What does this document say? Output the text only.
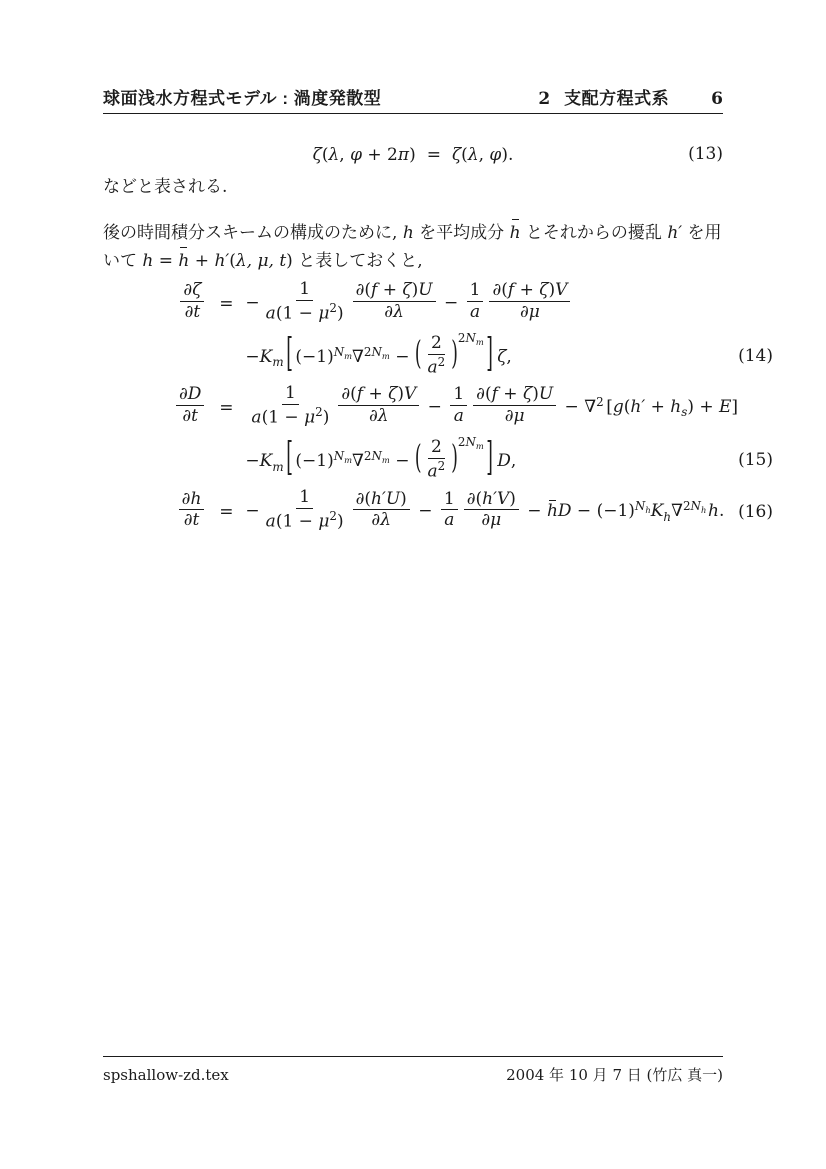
球面浅水方程式モデル : 渦度発散型	2 支配方程式系 6
ζ(λ, φ + 2π) = ζ(λ, φ).	(13)

などと表される.

後の時間積分スキームの構成のために, h を平均成分 h とそれからの擾乱 h′ を用
いて h = h + h′(λ, μ, t) と表しておくと,

$\frac{\partial\zeta}{\partial t}$ = − $\frac{1}{a(1 - \mu 2)} \frac{\partial(f + \zeta)U}{\partial\lambda} - \frac{1}{a} \frac{\partial(f + \zeta)V}{\partial\mu}$
−Km [ (−1)Nm∇2Nm − ( $\frac{2}{a2} )2Nm$ ] ζ,	(14)
$\frac{\partial D}{\partial t} = \frac{1}{a(1 - \mu 2)} \frac{\partial(f + \zeta)V}{\partial\lambda} - \frac{1}{a} \frac{\partial(f + \zeta)U}{\partial\mu} - \nabla 2$ [g(h′ + hs) + E]
−Km [ (−1)Nm∇2Nm − ( $\frac{2}{a2} )2Nm$ ] D,	(15)
$\frac{\partial h}{\partial t}$ = − $\frac{1}{a(1 - \mu 2)} \frac{\partial(h'U)}{\partial\lambda} - \frac{1}{a} \frac{\partial(h'V)}{\partial\mu}$ − hD − (−1)NhKh∇2Nhh. (16)
spshallow-zd.tex	2004 年 10 月 7 日 (竹広 真一)
